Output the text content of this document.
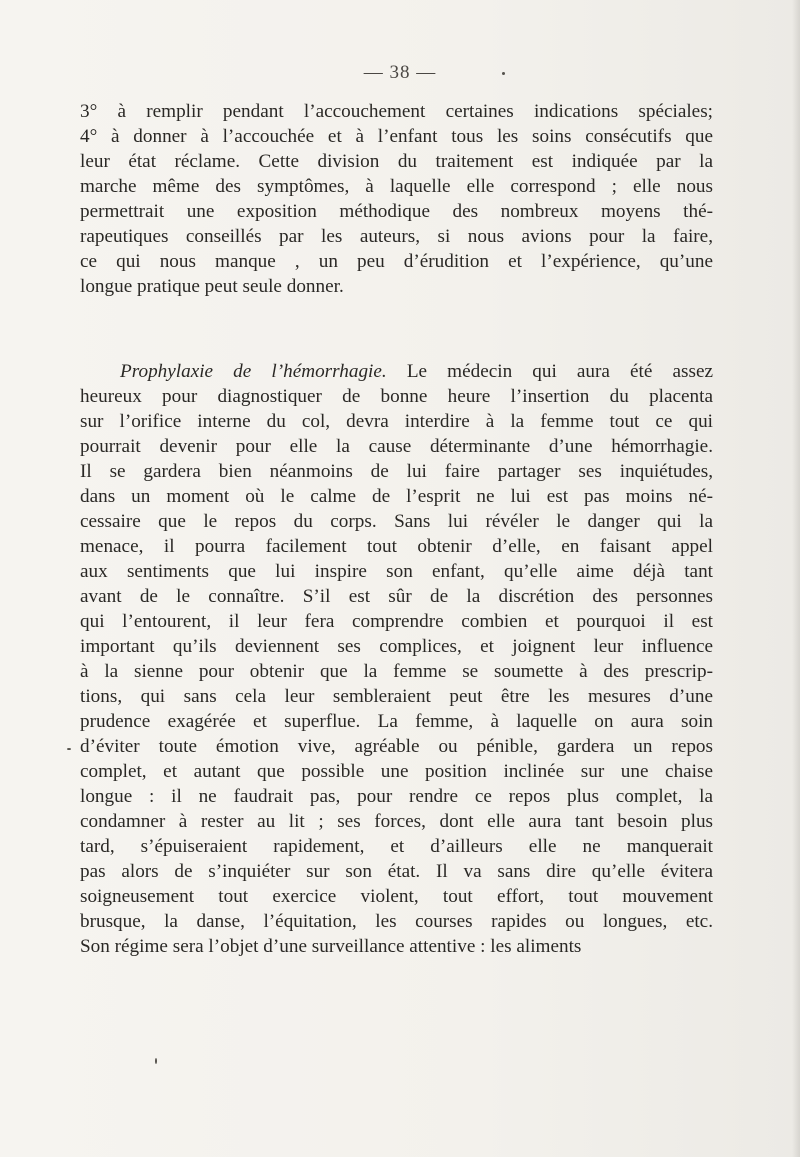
— 38 —
3° à remplir pendant l’accouchement certaines indications spéciales;
4° à donner à l’accouchée et à l’enfant tous les soins consécutifs que
leur état réclame. Cette division du traitement est indiquée par la
marche même des symptômes, à laquelle elle correspond ; elle nous
permettrait une exposition méthodique des nombreux moyens thé-
rapeutiques conseillés par les auteurs, si nous avions pour la faire,
ce qui nous manque , un peu d’érudition et l’expérience, qu’une
longue pratique peut seule donner.
Prophylaxie de l’hémorrhagie. Le médecin qui aura été assez
heureux pour diagnostiquer de bonne heure l’insertion du placenta
sur l’orifice interne du col, devra interdire à la femme tout ce qui
pourrait devenir pour elle la cause déterminante d’une hémorrhagie.
Il se gardera bien néanmoins de lui faire partager ses inquiétudes,
dans un moment où le calme de l’esprit ne lui est pas moins né-
cessaire que le repos du corps. Sans lui révéler le danger qui la
menace, il pourra facilement tout obtenir d’elle, en faisant appel
aux sentiments que lui inspire son enfant, qu’elle aime déjà tant
avant de le connaître. S’il est sûr de la discrétion des personnes
qui l’entourent, il leur fera comprendre combien et pourquoi il est
important qu’ils deviennent ses complices, et joignent leur influence
à la sienne pour obtenir que la femme se soumette à des prescrip-
tions, qui sans cela leur sembleraient peut être les mesures d’une
prudence exagérée et superflue. La femme, à laquelle on aura soin
d’éviter toute émotion vive, agréable ou pénible, gardera un repos
complet, et autant que possible une position inclinée sur une chaise
longue : il ne faudrait pas, pour rendre ce repos plus complet, la
condamner à rester au lit ; ses forces, dont elle aura tant besoin plus
tard, s’épuiseraient rapidement, et d’ailleurs elle ne manquerait
pas alors de s’inquiéter sur son état. Il va sans dire qu’elle évitera
soigneusement tout exercice violent, tout effort, tout mouvement
brusque, la danse, l’équitation, les courses rapides ou longues, etc.
Son régime sera l’objet d’une surveillance attentive : les aliments
